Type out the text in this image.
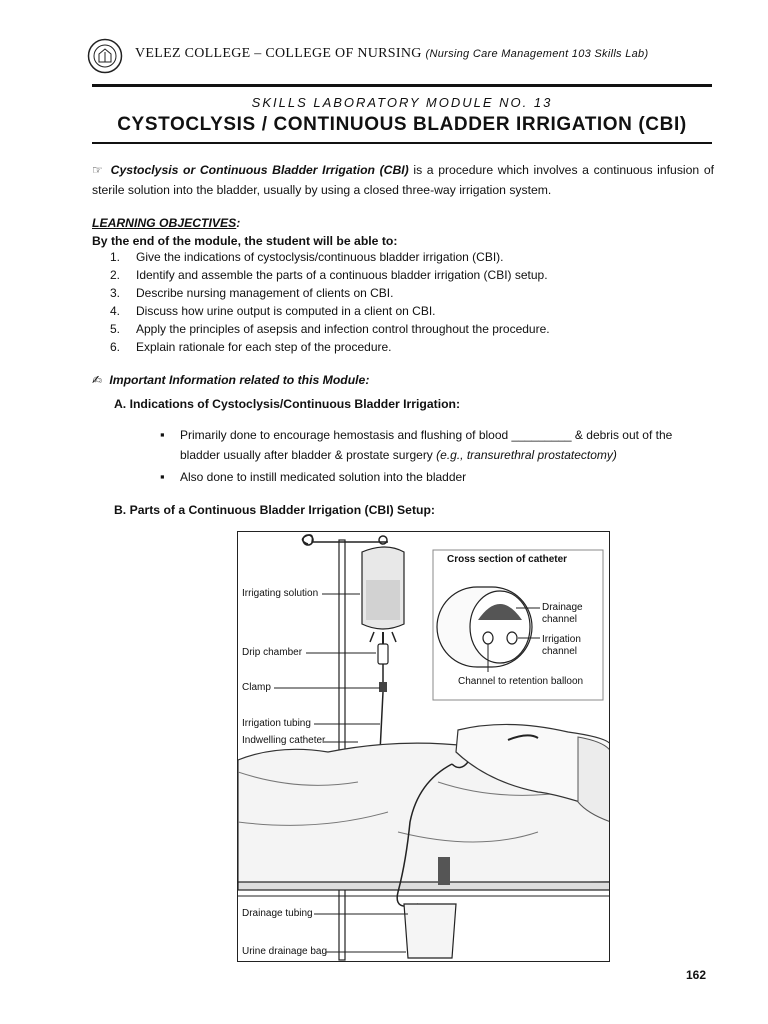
VELEZ COLLEGE – COLLEGE OF NURSING (Nursing Care Management 103 Skills Lab)
SKILLS LABORATORY MODULE NO. 13
CYSTOCLYSIS / CONTINUOUS BLADDER IRRIGATION (CBI)
☞ Cystoclysis or Continuous Bladder Irrigation (CBI) is a procedure which involves a continuous infusion of sterile solution into the bladder, usually by using a closed three-way irrigation system.
LEARNING OBJECTIVES:
By the end of the module, the student will be able to:
1. Give the indications of cystoclysis/continuous bladder irrigation (CBI).
2. Identify and assemble the parts of a continuous bladder irrigation (CBI) setup.
3. Describe nursing management of clients on CBI.
4. Discuss how urine output is computed in a client on CBI.
5. Apply the principles of asepsis and infection control throughout the procedure.
6. Explain rationale for each step of the procedure.
✍ Important Information related to this Module:
A. Indications of Cystoclysis/Continuous Bladder Irrigation:
▪ Primarily done to encourage hemostasis and flushing of blood _________ & debris out of the bladder usually after bladder & prostate surgery (e.g., transurethral prostatectomy)
▪ Also done to instill medicated solution into the bladder
B. Parts of a Continuous Bladder Irrigation (CBI) Setup:
Irrigating solution
Drip chamber
Clamp
Irrigation tubing
Indwelling catheter
Drainage tubing
Urine drainage bag
Cross section of catheter
Drainage
channel
Irrigation
channel
Channel to retention balloon
162
